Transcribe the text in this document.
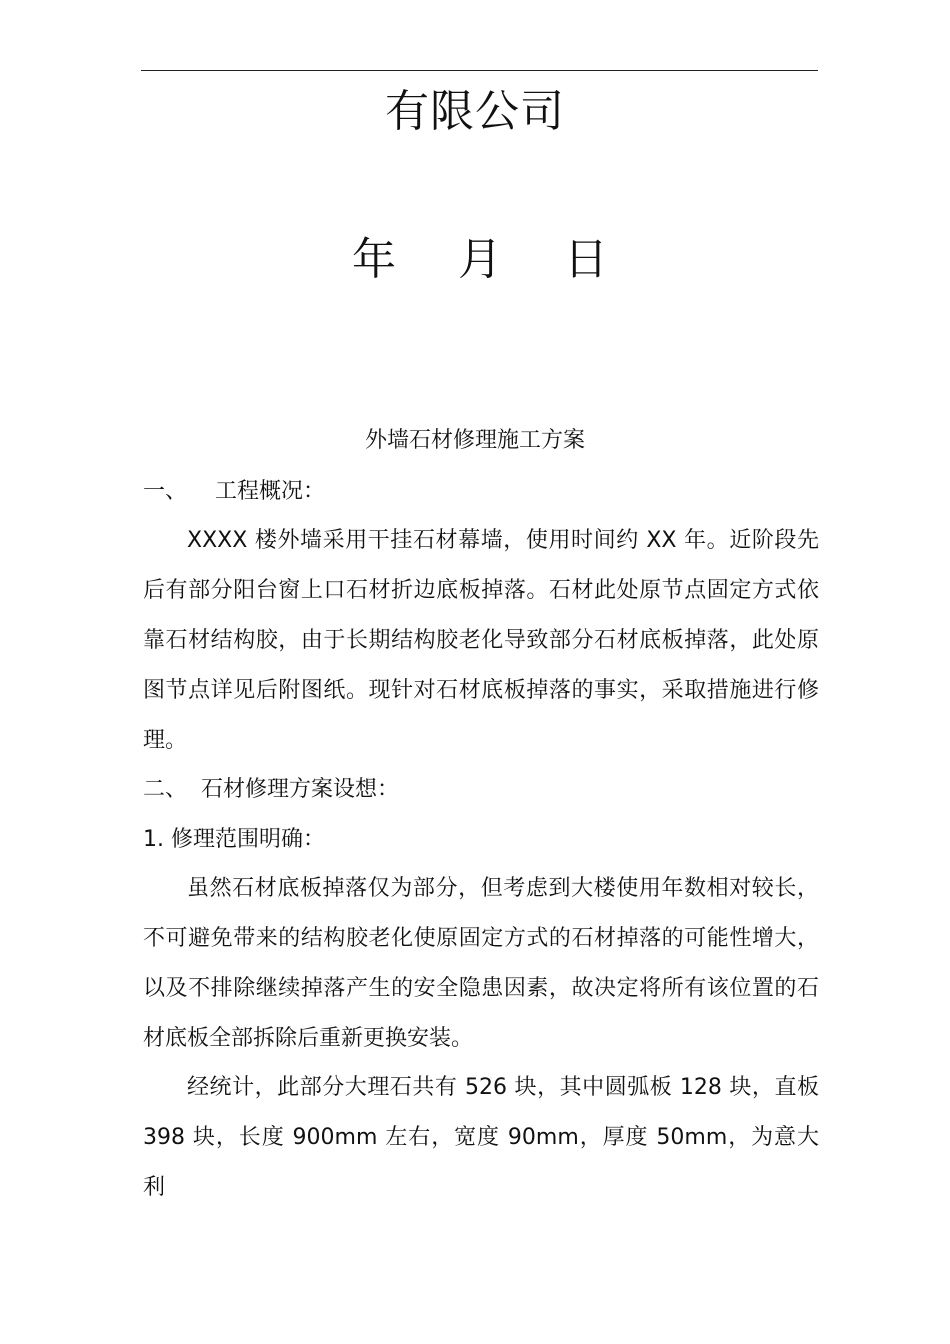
有限公司
年 月 日
外墙石材修理施工方案
一、    工程概况：
XXXX 楼外墙采用干挂石材幕墙，使用时间约 XX 年。近阶段先后有部分阳台窗上口石材折边底板掉落。石材此处原节点固定方式依靠石材结构胶，由于长期结构胶老化导致部分石材底板掉落，此处原图节点详见后附图纸。现针对石材底板掉落的事实，采取措施进行修理。
二、  石材修理方案设想：
1. 修理范围明确：
虽然石材底板掉落仅为部分，但考虑到大楼使用年数相对较长，不可避免带来的结构胶老化使原固定方式的石材掉落的可能性增大，以及不排除继续掉落产生的安全隐患因素，故决定将所有该位置的石材底板全部拆除后重新更换安装。
经统计，此部分大理石共有 526 块，其中圆弧板 128 块，直板 398 块，长度 900mm 左右，宽度 90mm，厚度 50mm，为意大利
